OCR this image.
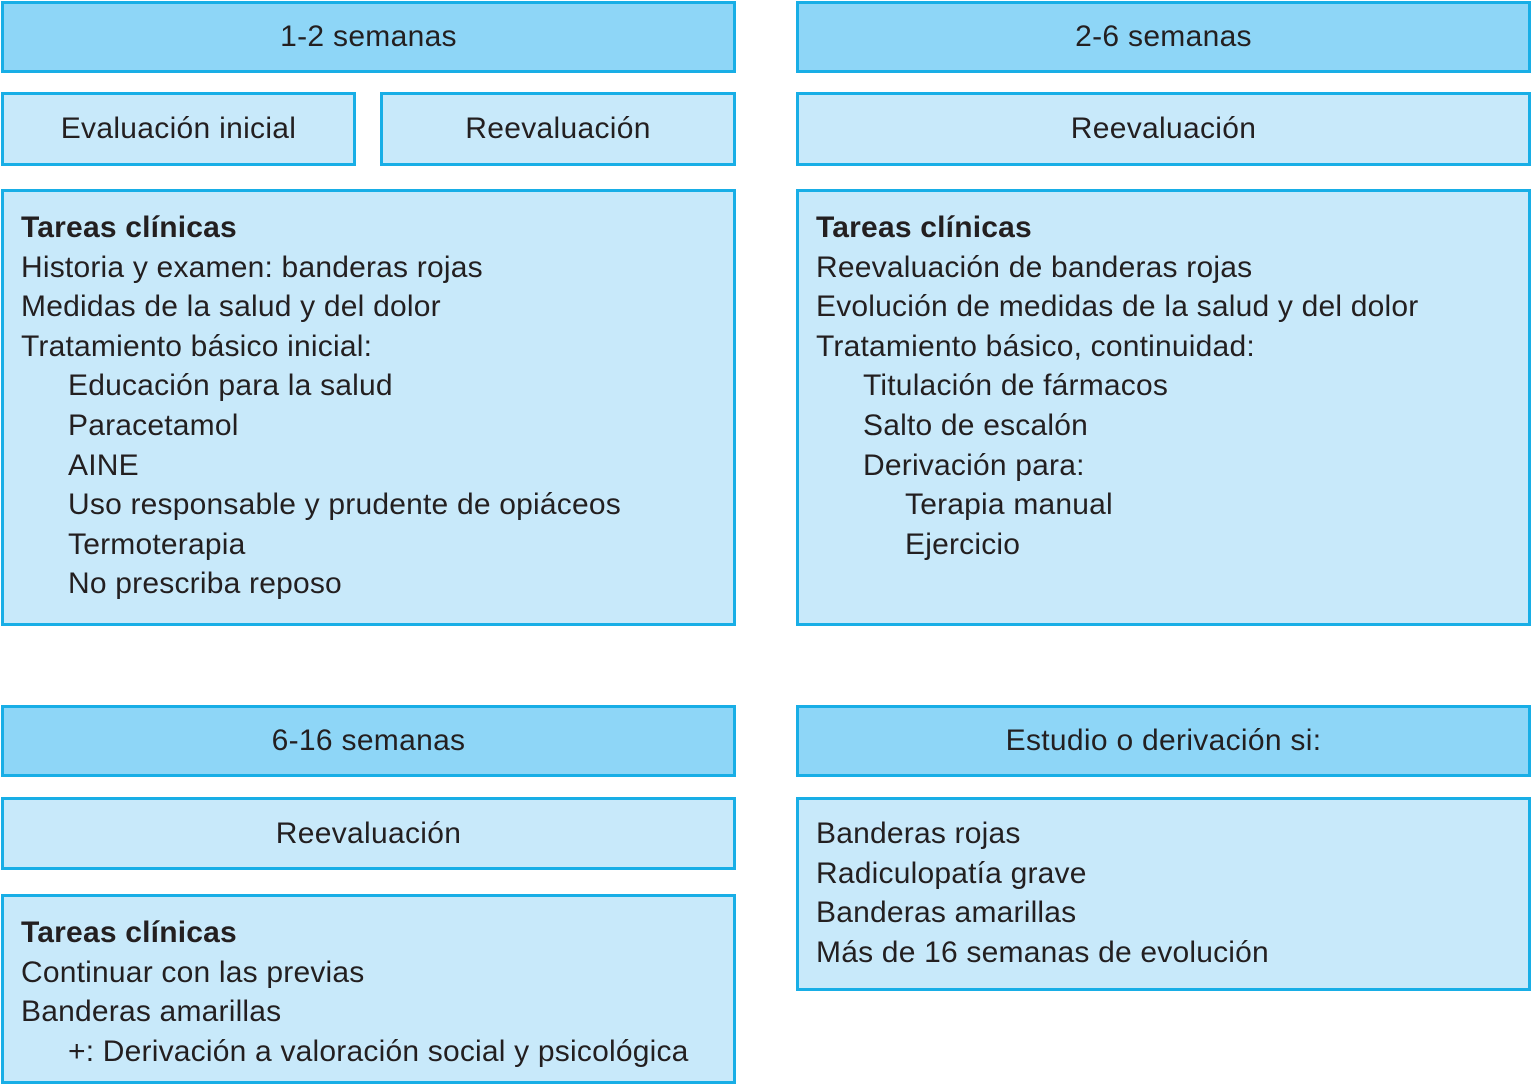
1-2 semanas
Evaluación inicial	Reevaluación
Tareas clínicas
Historia y examen: banderas rojas
Medidas de la salud y del dolor
Tratamiento básico inicial:
Educación para la salud
Paracetamol
AINE
Uso responsable y prudente de opiáceos
Termoterapia
No prescriba reposo
2-6 semanas
Reevaluación
Tareas clínicas
Reevaluación de banderas rojas
Evolución de medidas de la salud y del dolor
Tratamiento básico, continuidad:
Titulación de fármacos
Salto de escalón
Derivación para:
Terapia manual
Ejercicio
6-16 semanas
Reevaluación
Tareas clínicas
Continuar con las previas
Banderas amarillas
+: Derivación a valoración social y psicológica
Estudio o derivación si:
Banderas rojas
Radiculopatía grave
Banderas amarillas
Más de 16 semanas de evolución
